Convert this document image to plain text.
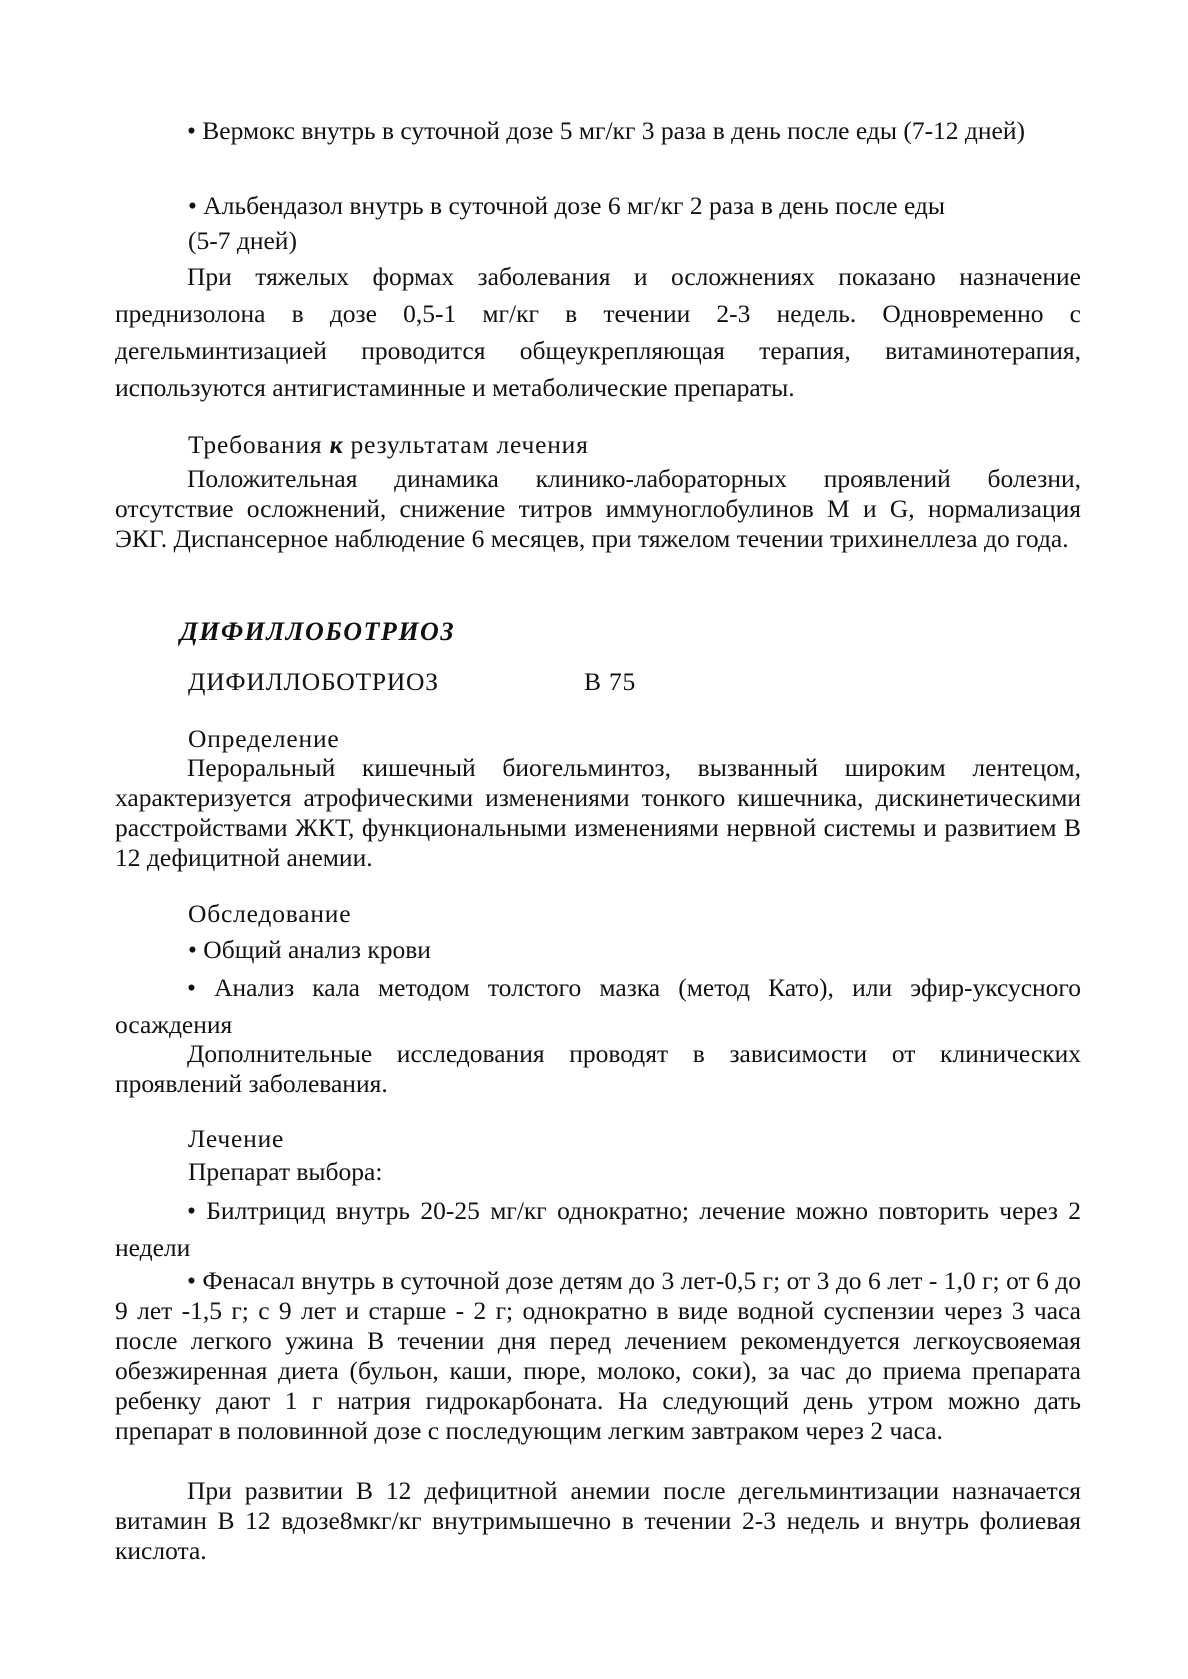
• Вермокс внутрь в суточной дозе 5 мг/кг 3 раза в день после еды (7-12 дней)
• Альбендазол внутрь в суточной дозе 6 мг/кг 2 раза в день после еды
(5-7 дней)
При тяжелых формах заболевания и осложнениях показано назначение преднизолона в дозе 0,5-1 мг/кг в течении 2-3 недель. Одновременно с дегельминтизацией проводится общеукрепляющая терапия, витаминотерапия, используются антигистаминные и метаболические препараты.
Требования к результатам лечения
Положительная динамика клинико-лабораторных проявлений болезни, отсутствие осложнений, снижение титров иммуноглобулинов М и G, нормализация ЭКГ. Диспансерное наблюдение 6 месяцев, при тяжелом течении трихинеллеза до года.
ДИФИЛЛОБОТРИОЗ
ДИФИЛЛОБОТРИОЗ	В 75
Определение
Пероральный кишечный биогельминтоз, вызванный широким лентецом, характеризуется атрофическими изменениями тонкого кишечника, дискинетическими расстройствами ЖКТ, функциональными изменениями нервной системы и развитием В 12 дефицитной анемии.
Обследование
• Общий анализ крови
• Анализ кала методом толстого мазка (метод Като), или эфир-уксусного осаждения
Дополнительные исследования проводят в зависимости от клинических проявлений заболевания.
Лечение
Препарат выбора:
• Билтрицид внутрь 20-25 мг/кг однократно; лечение можно повторить через 2 недели
• Фенасал внутрь в суточной дозе детям до 3 лет-0,5 г; от 3 до 6 лет - 1,0 г; от 6 до 9 лет -1,5 г; с 9 лет и старше - 2 г; однократно в виде водной суспензии через 3 часа после легкого ужина В течении дня перед лечением рекомендуется легкоусвояемая обезжиренная диета (бульон, каши, пюре, молоко, соки), за час до приема препарата ребенку дают 1 г натрия гидрокарбоната. На следующий день утром можно дать препарат в половинной дозе с последующим легким завтраком через 2 часа.
При развитии В 12 дефицитной анемии после дегельминтизации назначается витамин В 12 вдозе8мкг/кг внутримышечно в течении 2-3 недель и внутрь фолиевая кислота.
